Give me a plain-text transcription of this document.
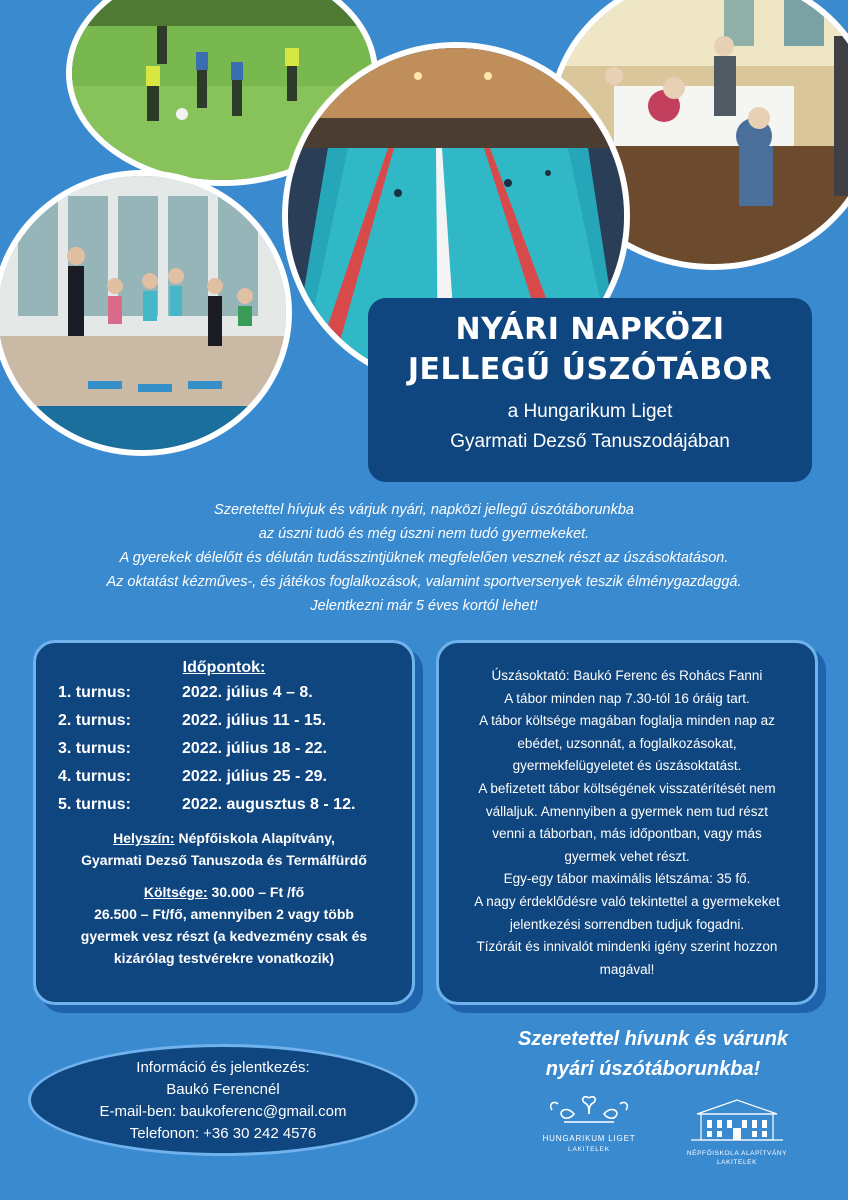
NYÁRI NAPKÖZI
JELLEGŰ ÚSZÓTÁBOR
a Hungarikum Liget
Gyarmati Dezső Tanuszodájában
Szeretettel hívjuk és várjuk nyári, napközi jellegű úszótáborunkba
az úszni tudó és még úszni nem tudó gyermekeket.
A gyerekek délelőtt és délután tudásszintjüknek megfelelően vesznek részt az úszásoktatáson.
Az oktatást kézműves-, és játékos foglalkozások, valamint sportversenyek teszik élménygazdaggá.
Jelentkezni már 5 éves kortól lehet!
Időpontok:
1. turnus:	2022. július 4 – 8.
2. turnus:	2022. július 11 - 15.
3. turnus:	2022. július 18 - 22.
4. turnus:	2022. július 25 - 29.
5. turnus:	2022. augusztus 8 - 12.
Helyszín: Népfőiskola Alapítvány,
Gyarmati Dezső Tanuszoda és Termálfürdő
Költsége: 30.000 – Ft /fő
26.500 – Ft/fő, amennyiben 2 vagy több
gyermek vesz részt (a kedvezmény csak és
kizárólag testvérekre vonatkozik)
Úszásoktató: Baukó Ferenc és Rohács Fanni
A tábor minden nap 7.30-tól 16 óráig tart.
A tábor költsége magában foglalja minden nap az
ebédet, uzsonnát, a foglalkozásokat,
gyermekfelügyeletet és úszásoktatást.
A befizetett tábor költségének visszatérítését nem
vállaljuk. Amennyiben a gyermek nem tud részt
venni a táborban, más időpontban, vagy más
gyermek vehet részt.
Egy-egy tábor maximális létszáma: 35 fő.
A nagy érdeklődésre való tekintettel a gyermekeket
jelentkezési sorrendben tudjuk fogadni.
Tízóráit és innivalót mindenki igény szerint hozzon
magával!
Információ és jelentkezés:
Baukó Ferencnél
E-mail-ben: baukoferenc@gmail.com
Telefonon: +36 30 242 4576
Szeretettel hívunk és várunk
nyári úszótáborunkba!
HUNGARIKUM LIGET
LAKITELEK
NÉPFŐISKOLA ALAPÍTVÁNY
LAKITELEK
